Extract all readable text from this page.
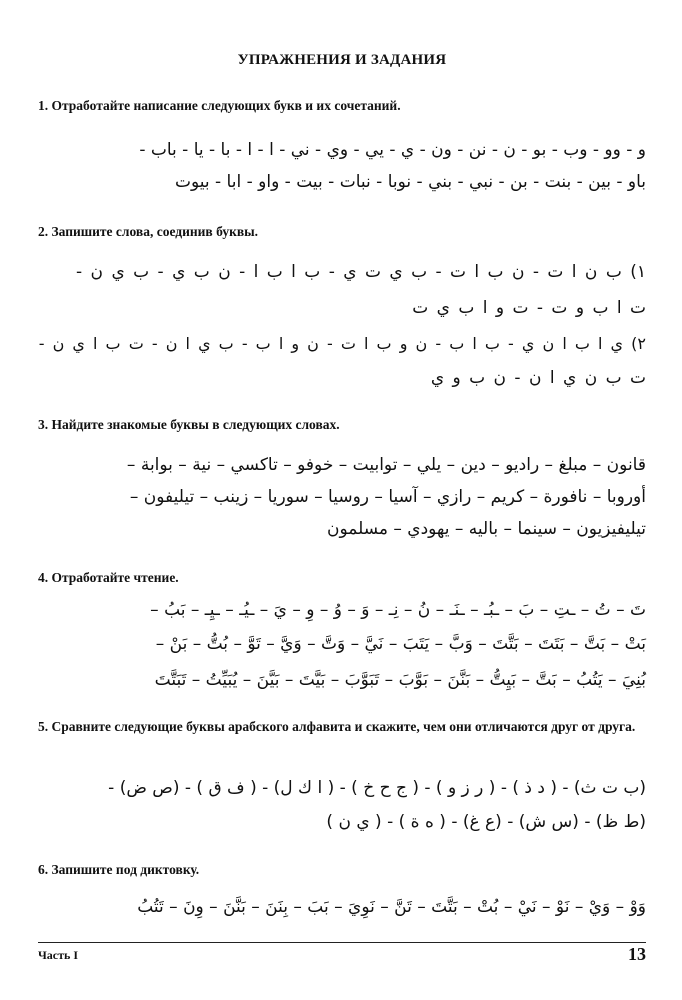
УПРАЖНЕНИЯ И ЗАДАНИЯ
1. Отработайте написание следующих букв и их сочетаний.
و - وو - وب - بو - ن - نن - ون - ي - يي - وي - ني - ا - ا - با - يا - باب -
باو - بين - بنت - بن - نبي - بني - نوبا - نبات - بيت - واو - ابا - بيوت
2. Запишите слова, соединив буквы.
١) ب ن ا ت - ن ب ا ت - ب ي ت ي - ب ا ب ا - ن ب ي - ب ي ن -
ت ا ب و ت - ت و ا ب ي ت
٢) ي ا ب ا ن ي - ب ا ب - ن و ب ا ت - ن و ا ب - ب ي ا ن - ت ب ا ي ن -
ت ب ن ي ا ن - ن ب و ي
3. Найдите знакомые буквы в следующих словах.
قانون – مبلغ – راديو – دين – يلي – توابيت – خوفو – تاكسي – نية – بوابة –
أوروبا – نافورة – كريم – رازي – آسيا – روسيا – سوريا – زينب – تيليفون –
تيليفيزيون – سينما – باليه – يهودي – مسلمون
4. Отработайте чтение.
تَ – تُ – ـتِ – بَ – ـبُـ – ـنَـ – نُ – نِـ – وَ – وُ – وِ – يَ – ـيُـ – ـيِـ – بَبُ –
بَتْ – بَتَّ – بَتَتَ – بَتَّتَ – وَبَّ – يَتَبَ – نَيَّ – وَتَّ – وَيَّ – تَوَّ – بُتُّ – بَنْ –
بُنِيَ – يَتُبُ – بَتَّ – بَيِتُّ – بَنَّنَ – بَوَّبَ – تَبَوَّبَ – بَيَّتَ – بَيَّنَ – يُبَيِّتُ – تَبَتَّتَ
5. Сравните следующие буквы арабского алфавита и скажите, чем они отличаются друг от друга.
(ب ت ث) - ( د ذ ) - ( ر ز و ) - ( ج ح خ ) - ( ا ك ل) - ( ف ق ) - (ص ض) -
(ط ظ) - (س ش) - (ع غ) - ( ه ة ) - ( ي ن )
6. Запишите под диктовку.
وَوْ – وَيْ – نَوْ – نَيْ – بُتْ – بَتَّتَ – تَنَّ – نَوِيَ – بَبَ – بِنَنَ – بَنَّنَ – وِنَ – تَتُبُ
Часть I	13
